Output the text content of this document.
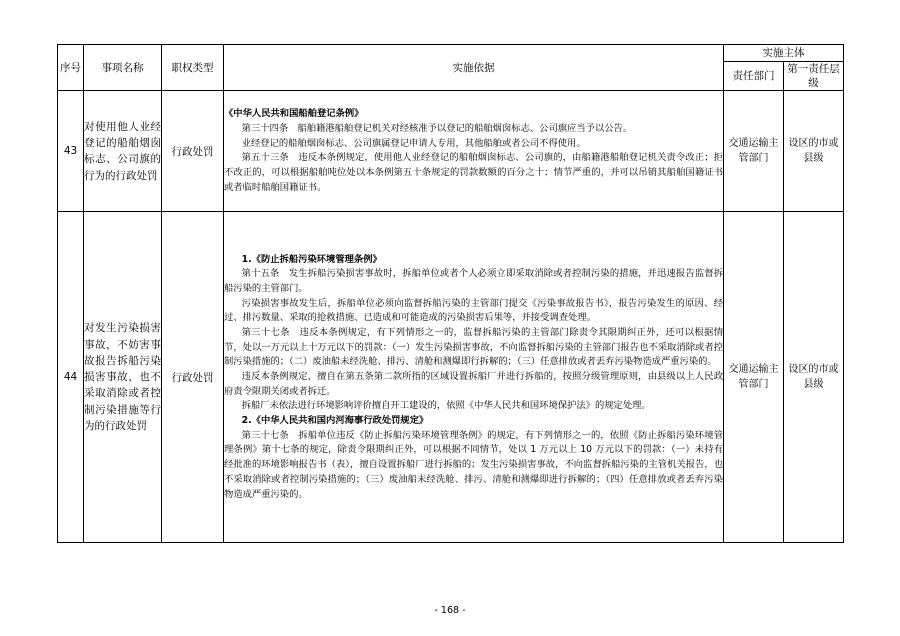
序号	事项名称	职权类型	实施依据	实施主体	
				责任部门	第一责任层级
43	对使用他人业经登记的船舶烟囱标志、公司旗的行为的行政处罚	行政处罚	《中华人民共和国船舶登记条例》

第三十四条　船舶籍港船舶登记机关对经核准予以登记的船舶烟囱标志、公司旗应当予以公告。

业经登记的船舶烟囱标志、公司旗属登记申请人专用，其他船舶或者公司不得使用。

第五十三条　违反本条例规定，使用他人业经登记的船舶烟囱标志、公司旗的，由船籍港船舶登记机关责令改正；拒不改正的，可以根据船舶吨位处以本条例第五十条规定的罚款数额的百分之十；情节严重的，并可以吊销其船舶国籍证书或者临时船舶国籍证书。	交通运输主管部门	设区的市或县级
44	对发生污染损害事故，不妨害事故报告拆船污染损害事故，也不采取消除或者控制污染措施等行为的行政处罚	行政处罚	

1.《防止拆船污染环境管理条例》

第十五条　发生拆船污染损害事故时，拆船单位或者个人必须立即采取消除或者控制污染的措施，并迅速报告监督拆船污染的主管部门。

污染损害事故发生后，拆船单位必须向监督拆船污染的主管部门提交《污染事故报告书》，报告污染发生的原因、经过、排污数量、采取的抢救措施、已造成和可能造成的污染损害后果等，并接受调查处理。

第三十七条　违反本条例规定，有下列情形之一的，监督拆船污染的主管部门除责令其限期纠正外，还可以根据情节，处以一万元以上十万元以下的罚款：（一）发生污染损害事故，不向监督拆船污染的主管部门报告也不采取消除或者控制污染措施的；（二）废油船未经洗舱、排污、清舱和测爆即行拆解的；（三）任意排放或者丢弃污染物造成严重污染的。

违反本条例规定，擅自在第五条第二款所指的区域设置拆船厂并进行拆船的，按照分级管理原则，由县级以上人民政府责令限期关闭或者拆迁。

拆船厂未依法进行环境影响评价擅自开工建设的，依照《中华人民共和国环境保护法》的规定处理。

2.《中华人民共和国内河海事行政处罚规定》

第三十七条　拆船单位违反《防止拆船污染环境管理条例》的规定，有下列情形之一的，依照《防止拆船污染环境管理条例》第十七条的规定，除责令限期纠正外，可以根据不同情节，处以 1 万元以上 10 万元以下的罚款：（一）未持有经批准的环境影响报告书（表），擅自设置拆船厂进行拆船的；发生污染损害事故，不向监督拆船污染的主管机关报告，也不采取消除或者控制污染措施的；（三）废油船未经洗舱、排污、清舱和测爆即进行拆解的；（四）任意排放或者丢弃污染物造成严重污染的。

	交通运输主管部门	设区的市或县级
- 168 -
